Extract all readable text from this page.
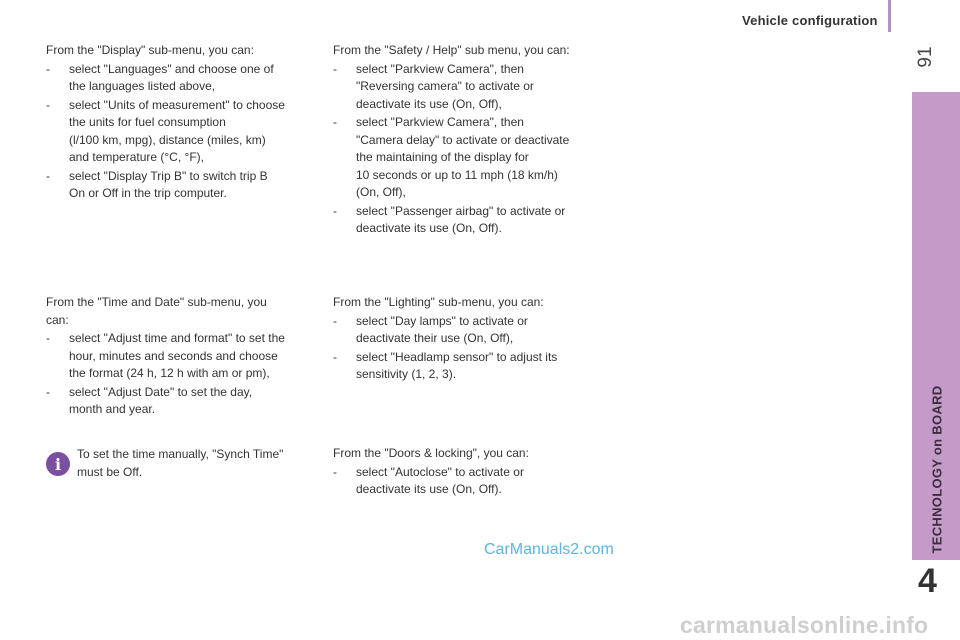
Vehicle configuration
91
TECHNOLOGY on BOARD
4

From the "Display" sub-menu, you can:

- select "Languages" and choose one of
the languages listed above,
- select "Units of measurement" to choose
the units for fuel consumption
(l/100 km, mpg), distance (miles, km)
and temperature (°C, °F),
- select "Display Trip B" to switch trip B
On or Off in the trip computer.

From the "Safety / Help" sub menu, you can:

- select "Parkview Camera", then
"Reversing camera" to activate or
deactivate its use (On, Off),
- select "Parkview Camera", then
"Camera delay" to activate or deactivate
the maintaining of the display for
10 seconds or up to 11 mph (18 km/h)
(On, Off),
- select "Passenger airbag" to activate or
deactivate its use (On, Off).

From the "Time and Date" sub-menu, you
can:

- select "Adjust time and format" to set the
hour, minutes and seconds and choose
the format (24 h, 12 h with am or pm),
- select "Adjust Date" to set the day,
month and year.

From the "Lighting" sub-menu, you can:

- select "Day lamps" to activate or
deactivate their use (On, Off),
- select "Headlamp sensor" to adjust its
sensitivity (1, 2, 3).
i
To set the time manually, "Synch Time"
must be Off.

From the "Doors & locking", you can:

- select "Autoclose" to activate or
deactivate its use (On, Off).
CarManuals2.com
carmanualsonline.info
